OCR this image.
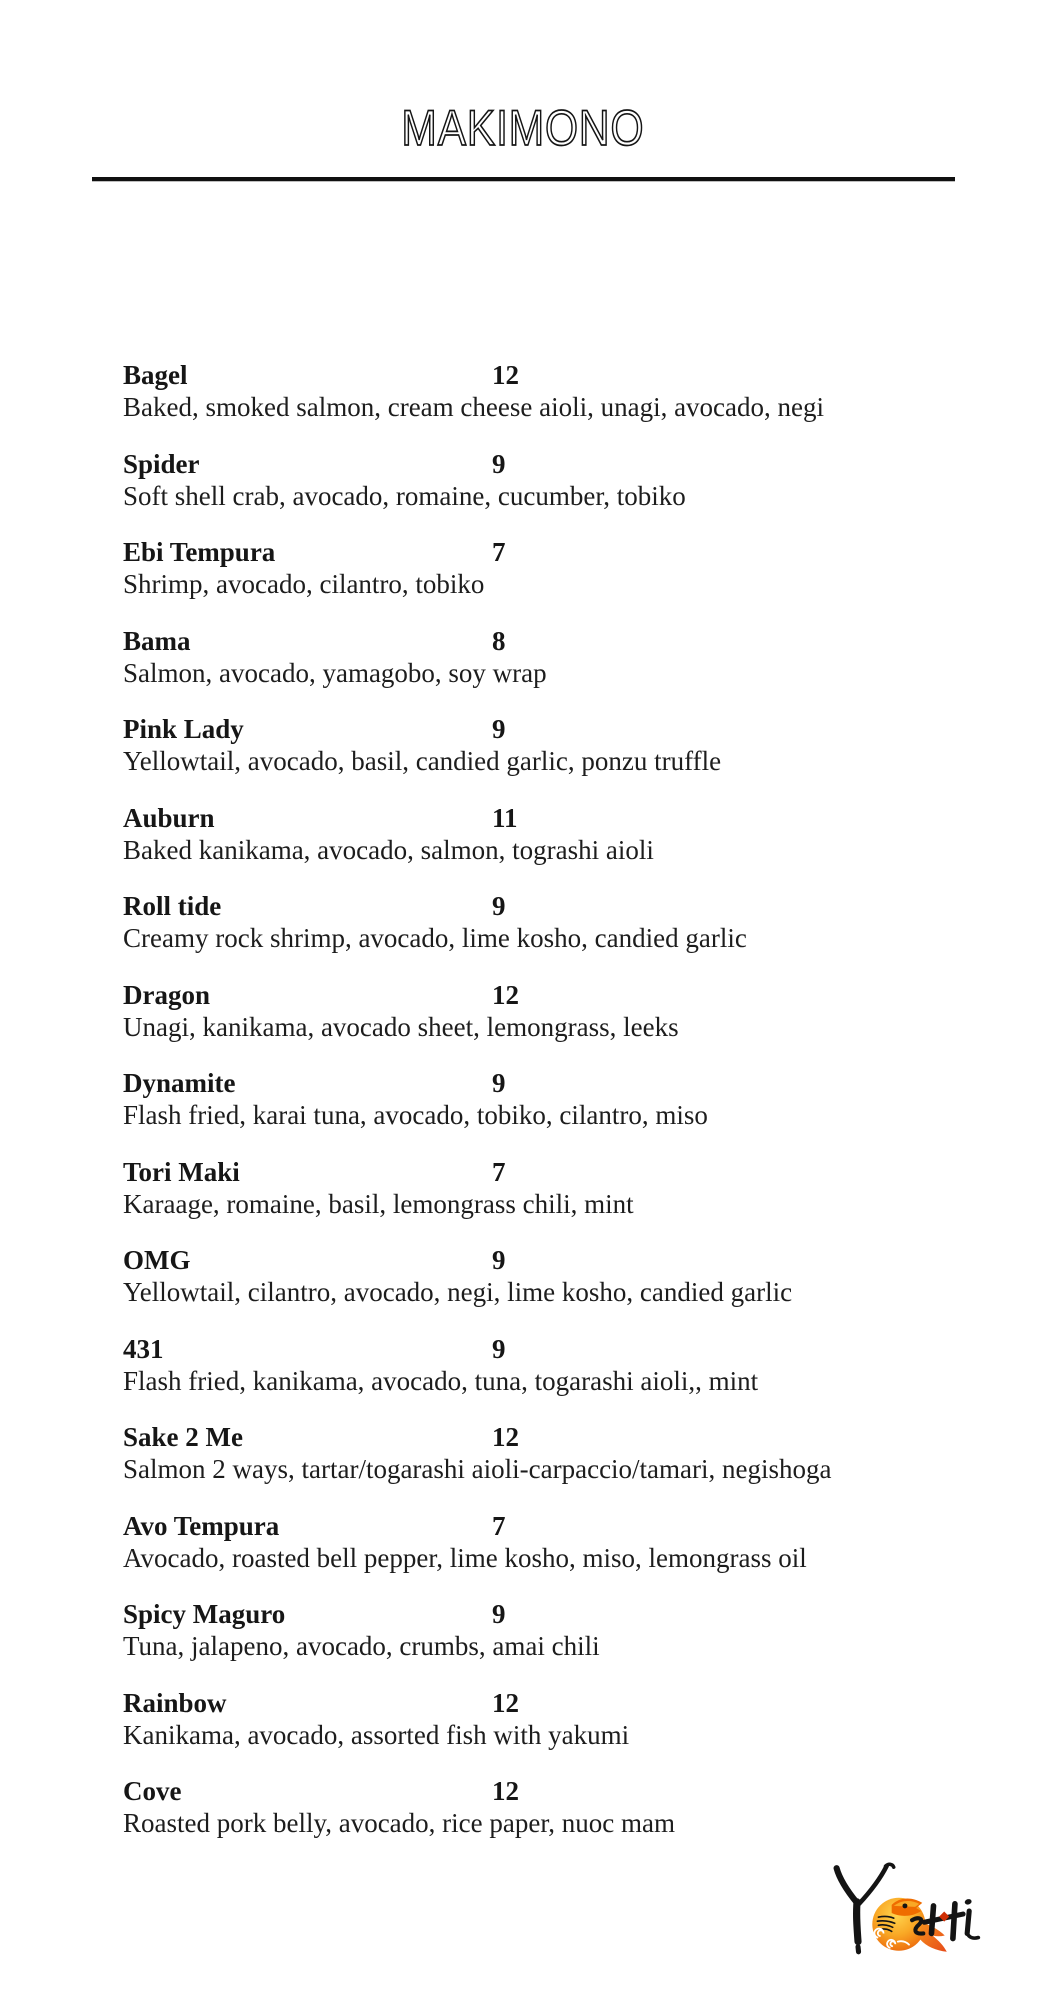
MAKIMONO
Bagel	12
Baked, smoked salmon, cream cheese aioli, unagi, avocado, negi
Spider	9
Soft shell crab, avocado, romaine, cucumber, tobiko
Ebi Tempura	7
Shrimp, avocado, cilantro, tobiko
Bama	8
Salmon, avocado, yamagobo, soy wrap
Pink Lady	9
Yellowtail, avocado, basil, candied garlic, ponzu truffle
Auburn	11
Baked kanikama, avocado, salmon, tograshi aioli
Roll tide	9
Creamy rock shrimp, avocado, lime kosho, candied garlic
Dragon	12
Unagi, kanikama, avocado sheet, lemongrass, leeks
Dynamite	9
Flash fried, karai tuna, avocado, tobiko, cilantro, miso
Tori Maki	7
Karaage, romaine, basil, lemongrass chili, mint
OMG	9
Yellowtail, cilantro, avocado, negi, lime kosho, candied garlic
431	9
Flash fried, kanikama, avocado, tuna, togarashi aioli,, mint
Sake 2 Me	12
Salmon 2 ways, tartar/togarashi aioli-carpaccio/tamari, negishoga
Avo Tempura	7
Avocado, roasted bell pepper, lime kosho, miso, lemongrass oil
Spicy Maguro	9
Tuna, jalapeno, avocado, crumbs, amai chili
Rainbow	12
Kanikama, avocado, assorted fish with yakumi
Cove	12
Roasted pork belly, avocado, rice paper, nuoc mam
